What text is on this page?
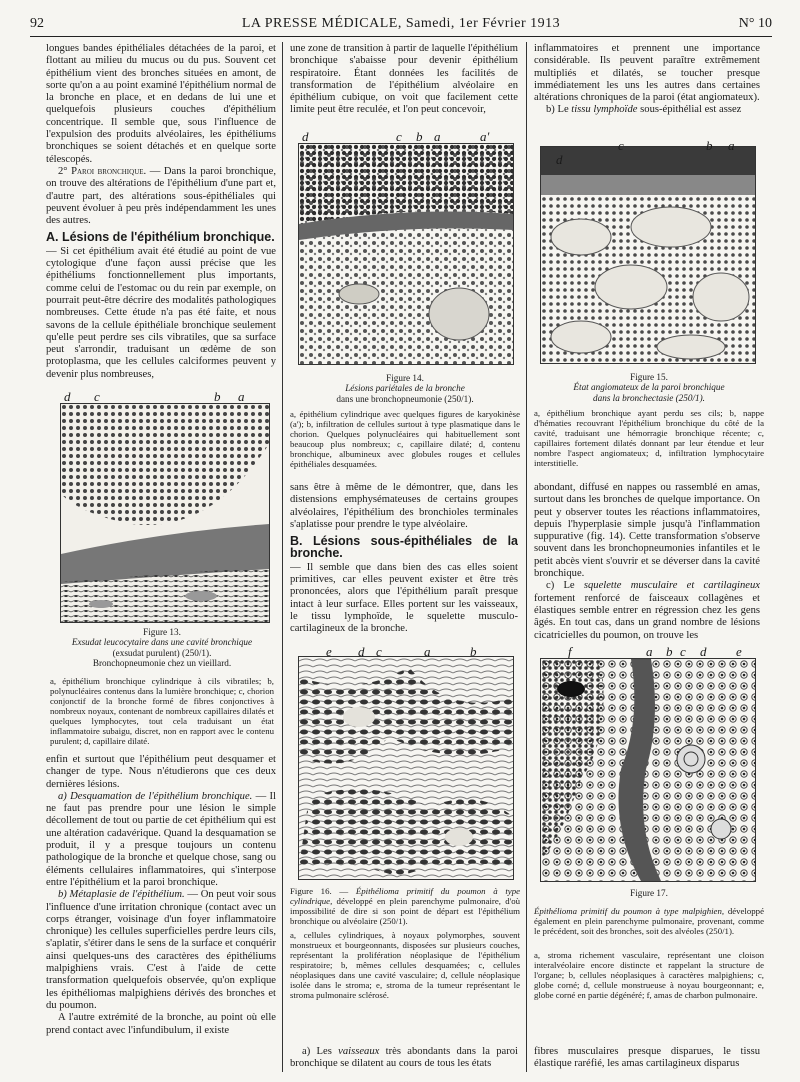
92	LA PRESSE MÉDICALE, Samedi, 1er Février 1913	N° 10

longues bandes épithéliales détachées de la paroi, et flottant au milieu du mucus ou du pus. Souvent cet épithélium vient des bronches situées en amont, de sorte qu'on a au point examiné l'épithélium normal de la bronche en place, et en dedans de lui une et quelquefois plusieurs couches d'épithélium concentrique. Il semble que, sous l'influence de l'expulsion des produits alvéolaires, les épithéliums bronchiques se soient détachés et en quelque sorte télescopés.

2° Paroi bronchique. — Dans la paroi bronchique, on trouve des altérations de l'épithélium d'une part et, d'autre part, des altérations sous-épithéliales qui peuvent évoluer à peu près indépendamment les unes des autres.

A. Lésions de l'épithélium bronchique.

— Si cet épithélium avait été étudié au point de vue cytologique d'une façon aussi précise que les épithéliums fonctionnellement plus importants, comme celui de l'estomac ou du rein par exemple, on pourrait peut-être décrire des modalités pathologiques nombreuses. Cette étude n'a pas été faite, et nous savons de la cellule épithéliale bronchique seulement qu'elle peut perdre ses cils vibratiles, que sa surface peut s'arrondir, traduisant un œdème de son protoplasma, que les cellules calciformes peuvent y devenir plus nombreuses,

d c	b a
Figure 13.
Exsudat leucocytaire dans une cavité bronchique
(exsudat purulent) (250/1).
Bronchopneumonie chez un vieillard.
a, épithélium bronchique cylindrique à cils vibratiles; b, polynucléaires contenus dans la lumière bronchique; c, chorion conjonctif de la bronche formé de fibres conjonctives à nombreux noyaux, contenant de nombreux capillaires dilatés et quelques lymphocytes, tout cela traduisant un état inflammatoire subaigu, discret, non en rapport avec le contenu purulent; d, capillaire dilaté.

enfin et surtout que l'épithélium peut desquamer et changer de type. Nous n'étudierons que ces deux dernières lésions.

a) Desquamation de l'épithélium bronchique. — Il ne faut pas prendre pour une lésion le simple décollement de tout ou partie de cet épithélium qui est une altération cadavérique. Quand la desquamation se produit, il y a presque toujours un contenu pathologique de la bronche et quelque chose, sang ou éléments cellulaires inflammatoires, qui s'interpose entre l'épithélium et la paroi bronchique.

b) Métaplasie de l'épithélium. — On peut voir sous l'influence d'une irritation chronique (contact avec un corps étranger, voisinage d'un foyer inflammatoire chronique) les cellules superficielles perdre leurs cils, s'aplatir, s'étirer dans le sens de la surface et conquérir ainsi quelques-uns des caractères des épithéliums malpighiens vrais. C'est à l'aide de cette transformation quelquefois observée, qu'on explique les épithéliomas malpighiens dérivés des bronches et du poumon.

A l'autre extrémité de la bronche, au point où elle prend contact avec l'infundibulum, il existe

une zone de transition à partir de laquelle l'épithélium bronchique s'abaisse pour devenir épithélium respiratoire. Étant données les facilités de transformation de l'épithélium alvéolaire en épithélium cubique, on voit que facilement cette limite peut être reculée, et l'on peut concevoir,

d	c b a	a'
Figure 14.
Lésions pariétales de la bronche
dans une bronchopneumonie (250/1).
a, épithélium cylindrique avec quelques figures de karyokinèse (a'); b, infiltration de cellules surtout à type plasmatique dans le chorion. Quelques polynucléaires qui habituellement sont beaucoup plus nombreux; c, capillaire dilaté; d, contenu bronchique, albumineux avec globules rouges et cellules épithéliales desquamées.

sans être à même de le démontrer, que, dans les distensions emphysémateuses de certains groupes alvéolaires, l'épithélium des bronchioles terminales s'aplatisse pour prendre le type alvéolaire.

B. Lésions sous-épithéliales de la bronche.

— Il semble que dans bien des cas elles soient primitives, car elles peuvent exister et être très prononcées, alors que l'épithélium paraît presque intact à leur surface. Elles portent sur les vaisseaux, le tissu lymphoïde, le squelette musculo-cartilagineux de la bronche.

e d c	a	b
Figure 16. — Épithélioma primitif du poumon à type cylindrique, développé en plein parenchyme pulmonaire, d'où impossibilité de dire si son point de départ est l'épithélium bronchique ou alvéolaire (250/1).
a, cellules cylindriques, à noyaux polymorphes, souvent monstrueux et bourgeonnants, disposées sur plusieurs couches, représentant la prolifération néoplasique de l'épithélium respiratoire; b, mêmes cellules desquamées; c, cellules néoplasiques dans une cavité vasculaire; d, cellule néoplasique isolée dans le stroma; e, stroma de la tumeur représentant le stroma pulmonaire sclérosé.

a) Les vaisseaux très abondants dans la paroi bronchique se dilatent au cours de tous les états

inflammatoires et prennent une importance considérable. Ils peuvent paraître extrêmement multipliés et dilatés, se toucher presque immédiatement les uns les autres dans certaines altérations chroniques de la paroi (état angiomateux).

b) Le tissu lymphoïde sous-épithélial est assez

d
c	b a
Figure 15.
État angiomateux de la paroi bronchique
dans la bronchectasie (250/1).
a, épithélium bronchique ayant perdu ses cils; b, nappe d'hématies recouvrant l'épithélium bronchique du côté de la cavité, traduisant une hémorragie bronchique récente; c, capillaires fortement dilatés donnant par leur étendue et leur nombre l'aspect angiomateux; d, infiltration lymphocytaire interstitielle.

abondant, diffusé en nappes ou rassemblé en amas, surtout dans les bronches de quelque importance. On peut y observer toutes les réactions inflammatoires, depuis l'hyperplasie simple jusqu'à l'inflammation suppurative (fig. 14). Cette transformation s'observe souvent dans les bronchopneumonies infantiles et le petit abcès vient s'ouvrir et se déverser dans la cavité bronchique.

c) Le squelette musculaire et cartilagineux fortement renforcé de faisceaux collagènes et élastiques semble entrer en régression chez les gens âgés. En tout cas, dans un grand nombre de lésions cicatricielles du poumon, on trouve les

f	a b c d e
Figure 17.
Épithélioma primitif du poumon à type malpighien, développé également en plein parenchyme pulmonaire, provenant, comme le précédent, soit des bronches, soit des alvéoles (250/1).
a, stroma richement vasculaire, représentant une cloison interalvéolaire encore distincte et rappelant la structure de l'organe; b, cellules néoplasiques à caractères malpighiens; c, globe corné; d, cellule monstrueuse à noyau bourgeonnant; e, globe corné en partie dégénéré; f, amas de charbon pulmonaire.

fibres musculaires presque disparues, le tissu élastique raréfié, les amas cartilagineux disparus
